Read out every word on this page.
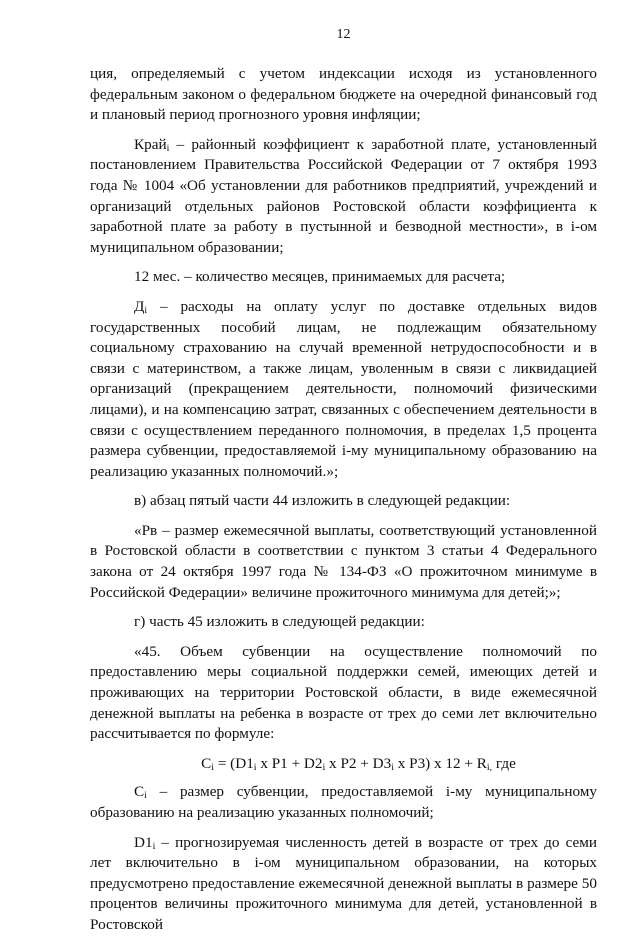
12

ция, определяемый с учетом индексации исходя из установленного федеральным законом о федеральном бюджете на очередной финансовый год и плановый период прогнозного уровня инфляции;

Край$_i$ – районный коэффициент к заработной плате, установленный постановлением Правительства Российской Федерации от 7 октября 1993 года № 1004 «Об установлении для работников предприятий, учреждений и организаций отдельных районов Ростовской области коэффициента к заработной плате за работу в пустынной и безводной местности», в i-ом муниципальном образовании;

12 мес. – количество месяцев, принимаемых для расчета;

$Д_i$ – расходы на оплату услуг по доставке отдельных видов государственных пособий лицам, не подлежащим обязательному социальному страхованию на случай временной нетрудоспособности и в связи с материнством, а также лицам, уволенным в связи с ликвидацией организаций (прекращением деятельности, полномочий физическими лицами), и на компенсацию затрат, связанных с обеспечением деятельности в связи с осуществлением переданного полномочия, в пределах 1,5 процента размера субвенции, предоставляемой i-му муниципальному образованию на реализацию указанных полномочий.»;

в) абзац пятый части 44 изложить в следующей редакции:

«Рв – размер ежемесячной выплаты, соответствующий установленной в Ростовской области в соответствии с пунктом 3 статьи 4 Федерального закона от 24 октября 1997 года № 134-ФЗ «О прожиточном минимуме в Российской Федерации» величине прожиточного минимума для детей;»;

г) часть 45 изложить в следующей редакции:

«45. Объем субвенции на осуществление полномочий по предоставлению меры социальной поддержки семей, имеющих детей и проживающих на территории Ростовской области, в виде ежемесячной денежной выплаты на ребенка в возрасте от трех до семи лет включительно рассчитывается по формуле:

$C_i = (D1_i$ x $P1 + D2_i$ x $P2 + D3_i$ x P3) x $12 + R_{i,}$ где

$C_i$ – размер субвенции, предоставляемой i-му муниципальному образованию на реализацию указанных полномочий;

$D1_i$ – прогнозируемая численность детей в возрасте от трех до семи лет включительно в i-ом муниципальном образовании, на которых предусмотрено предоставление ежемесячной денежной выплаты в размере 50 процентов величины прожиточного минимума для детей, установленной в Ростовской
